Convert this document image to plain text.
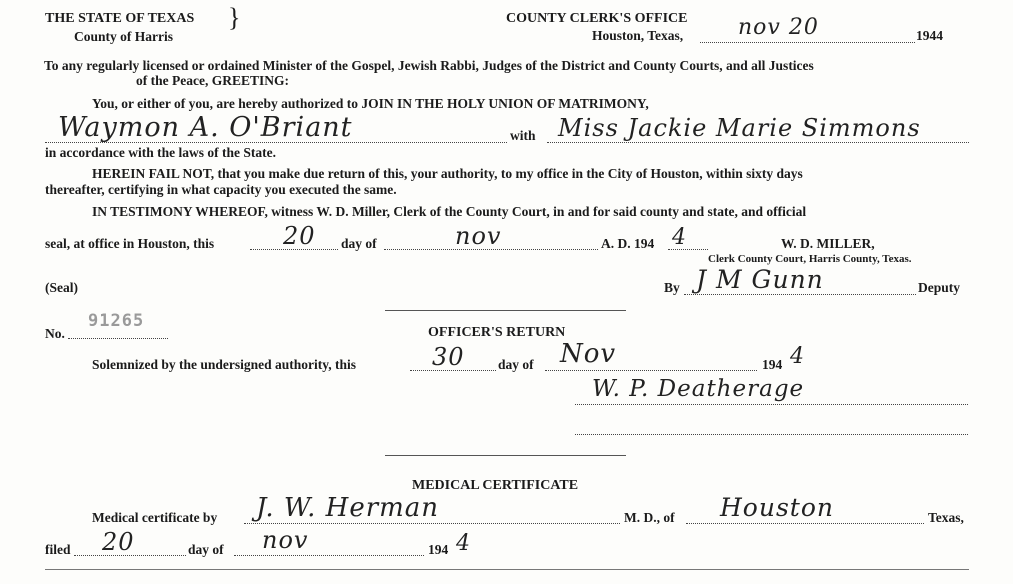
THE STATE OF TEXAS
County of Harris
}	COUNTY CLERK'S OFFICE
Houston, Texas, nov 20	1944
To any regularly licensed or ordained Minister of the Gospel, Jewish Rabbi, Judges of the District and County Courts, and all Justices
of the Peace, GREETING:
You, or either of you, are hereby authorized to JOIN IN THE HOLY UNION OF MATRIMONY,
Waymon A. O'Briant	with Miss Jackie Marie Simmons
in accordance with the laws of the State.
HEREIN FAIL NOT, that you make due return of this, your authority, to my office in the City of Houston, within sixty days
thereafter, certifying in what capacity you executed the same.
IN TESTIMONY WHEREOF, witness W. D. Miller, Clerk of the County Court, in and for said county and state, and official
seal, at office in Houston, this	20 day of	nov	A. D. 194 4	W. D. MILLER,
Clerk County Court, Harris County, Texas.
(Seal)	By J M Gunn	Deputy
No.
91265
OFFICER'S RETURN
Solemnized by the undersigned authority, this	30 day of Nov	194 4
W. P. Deatherage
MEDICAL CERTIFICATE
Medical certificate by J. W. Herman	M. D., of Houston	Texas,
filed 20	day of nov	194 4
